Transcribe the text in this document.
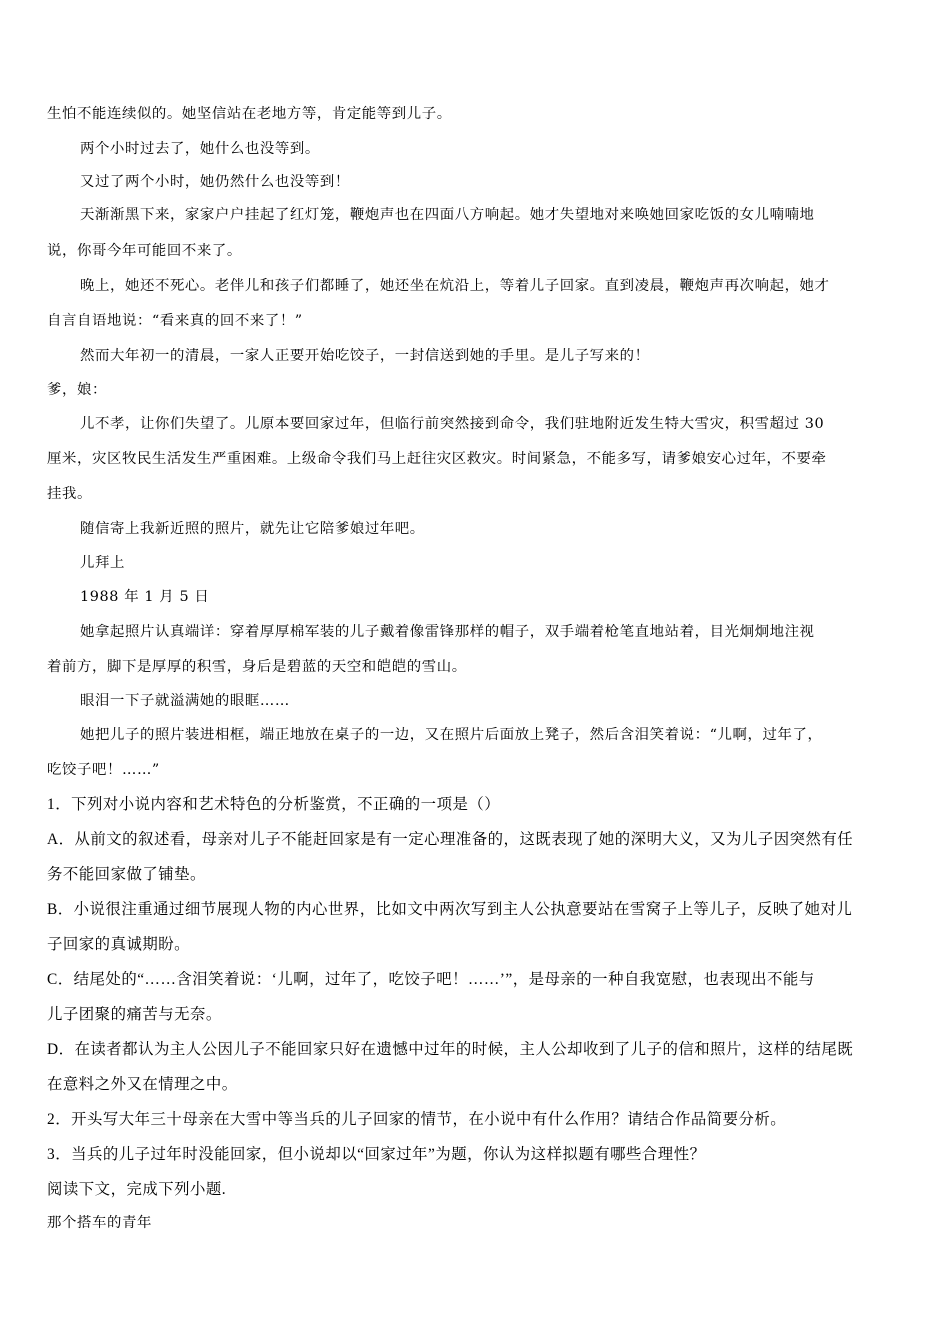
生怕不能连续似的。她坚信站在老地方等，肯定能等到儿子。
两个小时过去了，她什么也没等到。
又过了两个小时，她仍然什么也没等到！
天渐渐黑下来，家家户户挂起了红灯笼，鞭炮声也在四面八方响起。她才失望地对来唤她回家吃饭的女儿喃喃地
说，你哥今年可能回不来了。
晚上，她还不死心。老伴儿和孩子们都睡了，她还坐在炕沿上，等着儿子回家。直到凌晨，鞭炮声再次响起，她才
自言自语地说：“看来真的回不来了！”
然而大年初一的清晨，一家人正要开始吃饺子，一封信送到她的手里。是儿子写来的！
爹，娘：
儿不孝，让你们失望了。儿原本要回家过年，但临行前突然接到命令，我们驻地附近发生特大雪灾，积雪超过 30
厘米，灾区牧民生活发生严重困难。上级命令我们马上赶往灾区救灾。时间紧急，不能多写，请爹娘安心过年，不要牵
挂我。
随信寄上我新近照的照片，就先让它陪爹娘过年吧。
儿拜上
1988 年 1 月 5 日
她拿起照片认真端详：穿着厚厚棉军装的儿子戴着像雷锋那样的帽子，双手端着枪笔直地站着，目光炯炯地注视
着前方，脚下是厚厚的积雪，身后是碧蓝的天空和皑皑的雪山。
眼泪一下子就溢满她的眼眶……
她把儿子的照片装进相框，端正地放在桌子的一边，又在照片后面放上凳子，然后含泪笑着说：“儿啊，过年了，
吃饺子吧！……”
1．下列对小说内容和艺术特色的分析鉴赏，不正确的一项是（）
A．从前文的叙述看，母亲对儿子不能赶回家是有一定心理准备的，这既表现了她的深明大义，又为儿子因突然有任
务不能回家做了铺垫。
B．小说很注重通过细节展现人物的内心世界，比如文中两次写到主人公执意要站在雪窝子上等儿子，反映了她对儿
子回家的真诚期盼。
C．结尾处的“……含泪笑着说：‘儿啊，过年了，吃饺子吧！……’”，是母亲的一种自我宽慰，也表现出不能与
儿子团聚的痛苦与无奈。
D．在读者都认为主人公因儿子不能回家只好在遗憾中过年的时候，主人公却收到了儿子的信和照片，这样的结尾既
在意料之外又在情理之中。
2．开头写大年三十母亲在大雪中等当兵的儿子回家的情节，在小说中有什么作用？请结合作品简要分析。
3．当兵的儿子过年时没能回家，但小说却以“回家过年”为题，你认为这样拟题有哪些合理性？
阅读下文，完成下列小题.
那个搭车的青年
